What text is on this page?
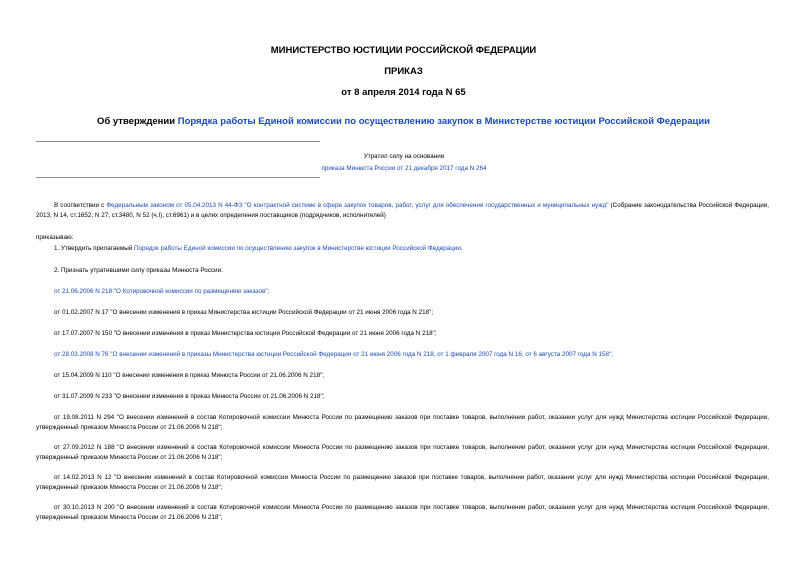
МИНИСТЕРСТВО ЮСТИЦИИ РОССИЙСКОЙ ФЕДЕРАЦИИ
ПРИКАЗ
от 8 апреля 2014 года N 65
Об утверждении Порядка работы Единой комиссии по осуществлению закупок в Министерстве юстиции Российской Федерации
Утратил силу на основании
приказа Минюста России от 21 декабря 2017 года N 264
В соответствии с Федеральным законом от 05.04.2013 N 44-ФЗ "О контрактной системе в сфере закупок товаров, работ, услуг для обеспечения государственных и муниципальных нужд" (Собрание законодательства Российской Федерации, 2013, N 14, ст.1652, N 27, ст.3480, N 52 (ч.I), ст.6961) и в целях определения поставщиков (подрядчиков, исполнителей)
приказываю:
1. Утвердить прилагаемый Порядок работы Единой комиссии по осуществлению закупок в Министерстве юстиции Российской Федерации.
2. Признать утратившими силу приказы Минюста России:
от 21.06.2006 N 218 "О Котировочной комиссии по размещению заказов";
от 01.02.2007 N 17 "О внесении изменения в приказ Министерства юстиции Российской Федерации от 21 июня 2006 года N 218";
от 17.07.2007 N 150 "О внесении изменения в приказ Министерства юстиции Российской Федерации от 21 июня 2006 года N 218";
от 28.03.2008 N 76 "О внесении изменений в приказы Министерства юстиции Российской Федерации от 21 июня 2006 года N 218, от 1 февраля 2007 года N 16, от 6 августа 2007 года N 158";
от 15.04.2009 N 110 "О внесении изменения в приказ Минюста России от 21.06.2006 N 218";
от 31.07.2009 N 233 "О внесении изменения в приказ Минюста России от 21.06.2006 N 218";
от 19.08.2011 N 294 "О внесении изменений в состав Котировочной комиссии Минюста России по размещению заказов при поставке товаров, выполнении работ, оказании услуг для нужд Министерства юстиции Российской Федерации, утвержденный приказом Минюста России от 21.06.2006 N 218";
от 27.09.2012 N 188 "О внесении изменений в состав Котировочной комиссии Минюста России по размещению заказов при поставке товаров, выполнении работ, оказании услуг для нужд Министерства юстиции Российской Федерации, утвержденный приказом Минюста России от 21.06.2006 N 218";
от 14.02.2013 N 12 "О внесении изменений в состав Котировочной комиссии Минюста России по размещению заказов при поставке товаров, выполнении работ, оказании услуг для нужд Министерства юстиции Российской Федерации, утвержденный приказом Минюста России от 21.06.2006 N 218";
от 30.10.2013 N 200 "О внесении изменений в состав Котировочной комиссии Минюста России по размещению заказов при поставке товаров, выполнении работ, оказании услуг для нужд Министерства юстиции Российской Федерации, утвержденный приказом Минюста России от 21.06.2006 N 218";
